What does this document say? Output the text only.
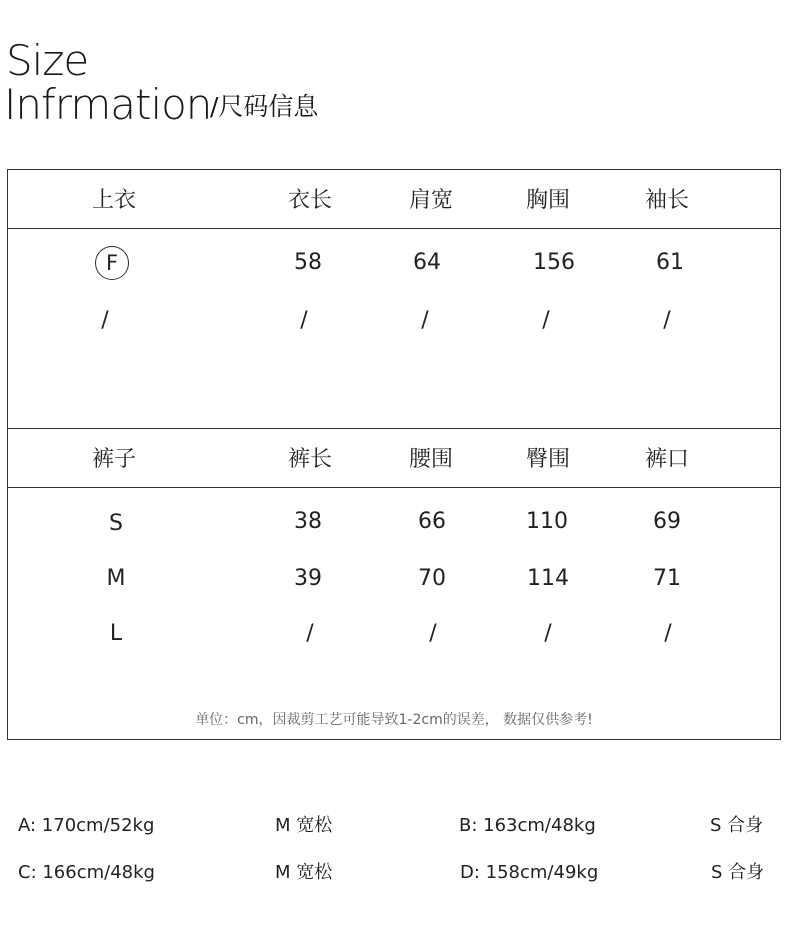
Size
Infrmation
/尺码信息
上衣	衣长	肩宽	胸围	袖长
F	58	64	156	61
/	/	/	/	/
裤子	裤长	腰围	臀围	裤口
S	38	66	110	69
M	39	70	114	71
L	/	/	/	/
单位：cm，因裁剪工艺可能导致1-2cm的误差， 数据仅供参考!
A: 170cm/52kg	M 宽松	B: 163cm/48kg	S 合身
C: 166cm/48kg	M 宽松	D: 158cm/49kg	S 合身
